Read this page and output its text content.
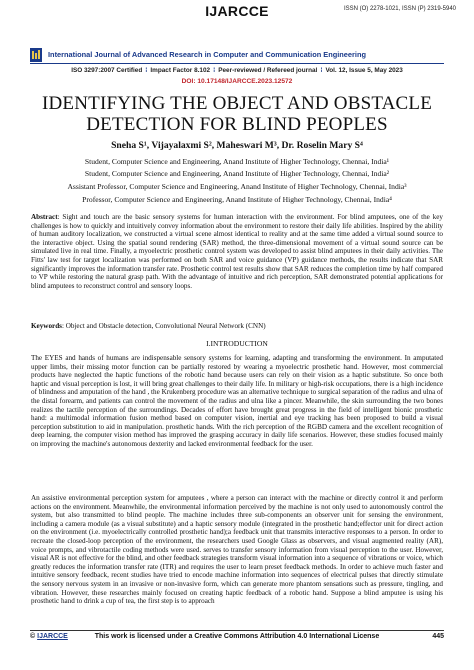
IJARCCE	ISSN (O) 2278-1021, ISSN (P) 2319-5940
International Journal of Advanced Research in Computer and Communication Engineering
ISO 3297:2007 Certified ⁞ Impact Factor 8.102 ⁞ Peer-reviewed / Refereed journal ⁞ Vol. 12, Issue 5, May 2023
DOI: 10.17148/IJARCCE.2023.12572
IDENTIFYING THE OBJECT AND OBSTACLE
DETECTION FOR BLIND PEOPLES
Sneha S¹, Vijayalaxmi S², Maheswari M³, Dr. Roselin Mary S⁴
Student, Computer Science and Engineering, Anand Institute of Higher Technology, Chennai, India¹
Student, Computer Science and Engineering, Anand Institute of Higher Technology, Chennai, India²
Assistant Professor, Computer Science and Engineering, Anand Institute of Higher Technology, Chennai, India³
Professor, Computer Science and Engineering, Anand Institute of Higher Technology, Chennai, India⁴
Abstract: Sight and touch are the basic sensory systems for human interaction with the environment. For blind amputees, one of the key challenges is how to quickly and intuitively convey information about the environment to restore their daily life abilities. Inspired by the ability of human auditory localization, we constructed a virtual scene almost identical to reality and at the same time added a virtual sound source to the interactive object. Using the spatial sound rendering (SAR) method, the three-dimensional movement of a virtual sound source can be simulated live in real time. Finally, a myoelectric prosthetic control system was developed to assist blind amputees in their daily activities. The Fitts' law test for target localization was performed on both SAR and voice guidance (VP) guidance methods, the results indicate that SAR significantly improves the information transfer rate. Prosthetic control test results show that SAR reduces the completion time by half compared to VP while restoring the natural grasp path. With the advantage of intuitive and rich perception, SAR demonstrated potential applications for blind amputees to reconstruct control and sensory loops.
Keywords: Object and Obstacle detection, Convolutional Neural Network (CNN)
I.INTRODUCTION
The EYES and hands of humans are indispensable sensory systems for learning, adapting and transforming the environment. In amputated upper limbs, their missing motor function can be partially restored by wearing a myoelectric prosthetic hand. However, most commercial products have neglected the haptic functions of the robotic hand because users can rely on their vision as a haptic substitute. So once both haptic and visual perception is lost, it will bring great challenges to their daily life. In military or high-risk occupations, there is a high incidence of blindness and amputation of the hand , the Krukenberg procedure was an alternative technique to surgical separation of the radius and ulna of the distal forearm, and patients can control the movement of the radius and ulna like a pincer. Meanwhile, the skin surrounding the two bones realizes the tactile perception of the surroundings. Decades of effort have brought great progress in the field of intelligent bionic prosthetic hand: a multimodal information fusion method based on computer vision, inertial and eye tracking has been proposed to build a visual perception substitution to aid in manipulation. prosthetic hands. With the rich perception of the RGBD camera and the excellent recognition of deep learning, the computer vision method has improved the grasping accuracy in daily life scenarios. However, these studies focused mainly on improving the machine's autonomous dexterity and lacked environmental feedback for the user.
An assistive environmental perception system for amputees , where a person can interact with the machine or directly control it and perform actions on the environment. Meanwhile, the environmental information perceived by the machine is not only used to autonomously control the system, but also transmitted to blind people. The machine includes three sub-components an observer unit for sensing the environment, including a camera module (as a visual substitute) and a haptic sensory module (integrated in the prosthetic hand;effector unit for direct action on the environment (i.e. myoelectrically controlled prosthetic hand);a feedback unit that transmits interactive responses to a person. In order to recreate the closed-loop perception of the environment, the researchers used Google Glass as observers, and visual augmented reality (AR), voice prompts, and vibrotactile coding methods were used. serves to transfer sensory information from visual perception to the user. However, visual AR is not effective for the blind, and other feedback strategies transform visual information into a sequence of vibrations or voice, which greatly reduces the information transfer rate (ITR) and requires the user to learn preset feedback methods. In order to achieve much faster and intuitive sensory feedback, recent studies have tried to encode machine information into sequences of electrical pulses that directly stimulate the sensory nervous system in an invasive or non-invasive form, which can generate more phantom sensations such as pressure, tingling, and vibration. However, these researches mainly focused on creating haptic feedback of a robotic hand. Suppose a blind amputee is using his prosthetic hand to drink a cup of tea, the first step is to approach
© IJARCCE	This work is licensed under a Creative Commons Attribution 4.0 International License	445
